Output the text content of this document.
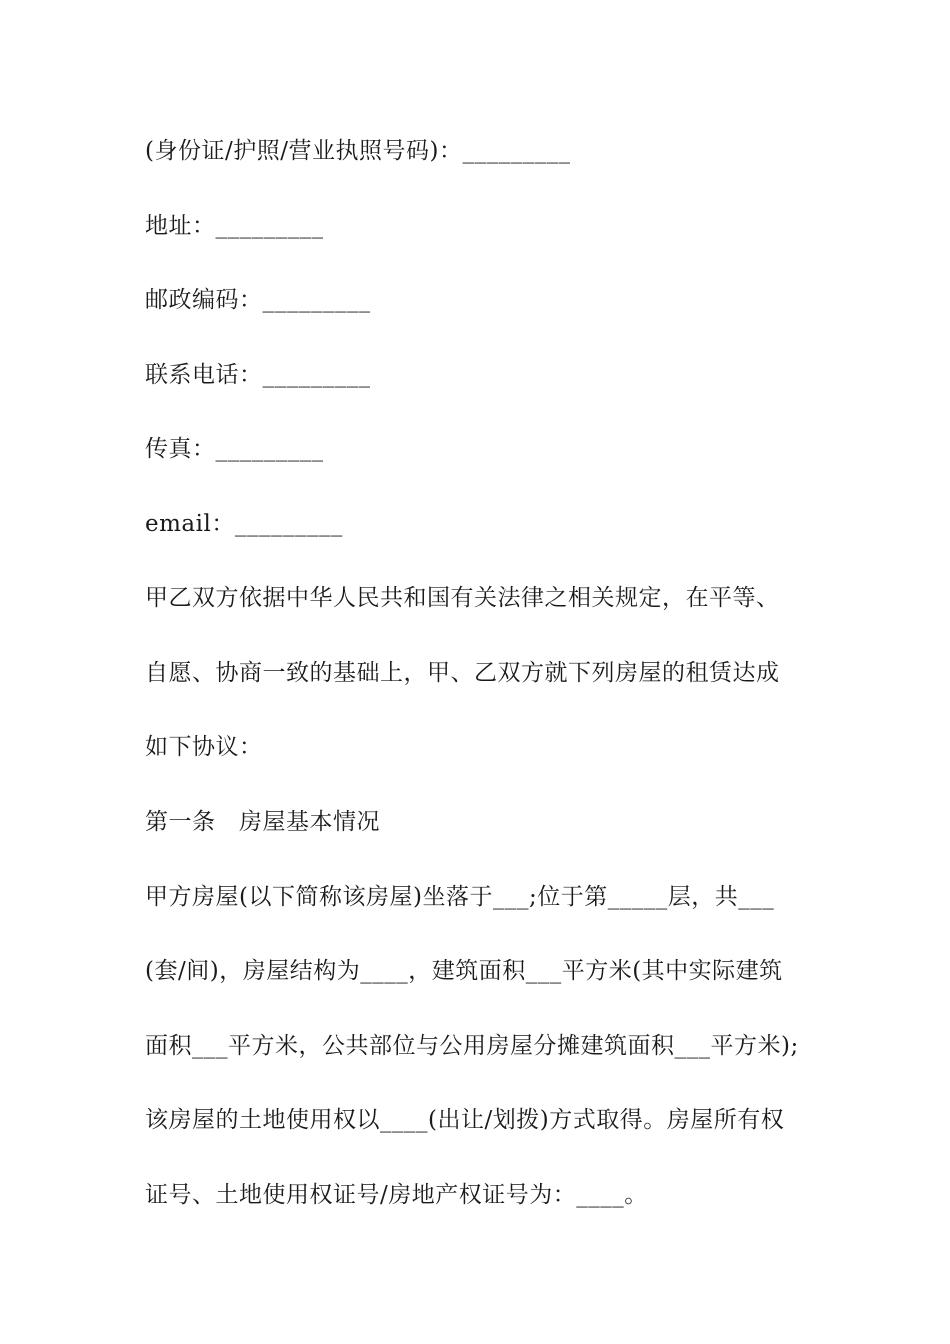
(身份证/护照/营业执照号码)：_________

地址：_________

邮政编码：_________

联系电话：_________

传真：_________

email：_________

甲乙双方依据中华人民共和国有关法律之相关规定，在平等、

自愿、协商一致的基础上，甲、乙双方就下列房屋的租赁达成

如下协议：

第一条　房屋基本情况

甲方房屋(以下简称该房屋)坐落于___;位于第_____层，共___

(套/间)，房屋结构为____，建筑面积___平方米(其中实际建筑

面积___平方米，公共部位与公用房屋分摊建筑面积___平方米);

该房屋的土地使用权以____(出让/划拨)方式取得。房屋所有权

证号、土地使用权证号/房地产权证号为：____。
